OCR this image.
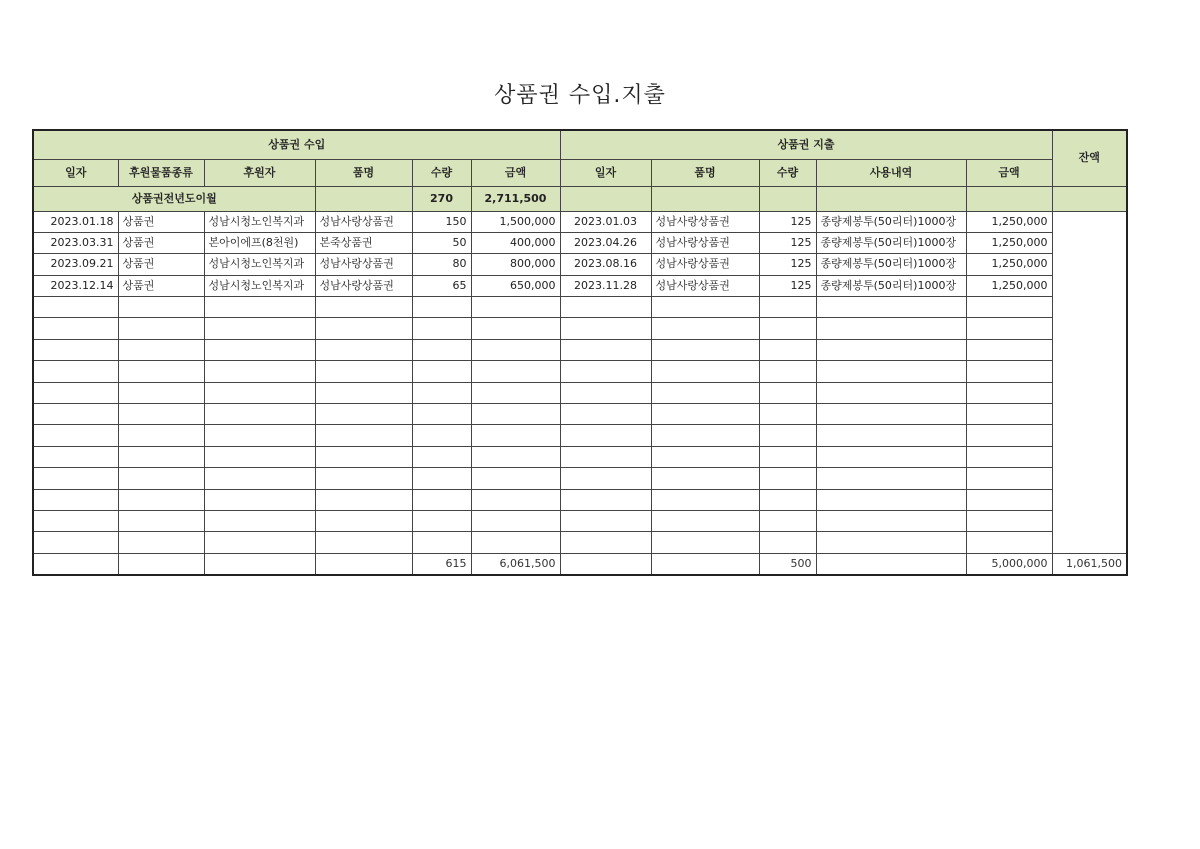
상품권 수입.지출
상품권 수입						상품권 지출					잔액
일자	후원물품종류	후원자	품명	수량	금액	일자	품명	수량	사용내역	금액	
상품권전년도이월				270	2,711,500						
2023.01.18	상품권	성남시청노인복지과	성남사랑상품권	150	1,500,000	2023.01.03	성남사랑상품권	125	종량제봉투(50리터)1000장	1,250,000	
2023.03.31	상품권	본아이에프(8천원)	본죽상품권	50	400,000	2023.04.26	성남사랑상품권	125	종량제봉투(50리터)1000장	1,250,000	
2023.09.21	상품권	성남시청노인복지과	성남사랑상품권	80	800,000	2023.08.16	성남사랑상품권	125	종량제봉투(50리터)1000장	1,250,000	
2023.12.14	상품권	성남시청노인복지과	성남사랑상품권	65	650,000	2023.11.28	성남사랑상품권	125	종량제봉투(50리터)1000장	1,250,000	

				615	6,061,500			500		5,000,000	1,061,500
